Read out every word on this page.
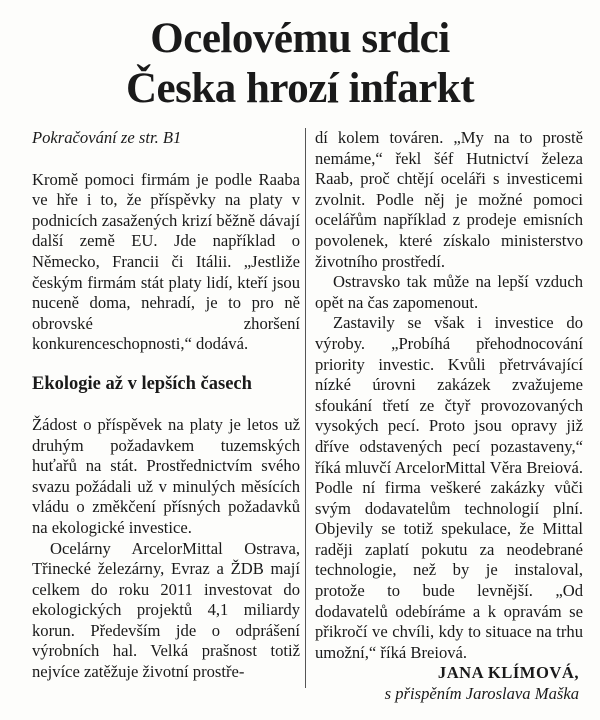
Ocelovému srdci
Česka hrozí infarkt

Pokračování ze str. B1

Kromě pomoci firmám je podle Raaba ve hře i to, že příspěvky na platy v podnicích zasažených krizí běžně dávají další země EU. Jde například o Německo, Francii či Itálii. „Jestliže českým firmám stát platy lidí, kteří jsou nuceně doma, nehradí, je to pro ně obrovské zhoršení konkurenceschopnosti,“ dodává.

Ekologie až v lepších časech

Žádost o příspěvek na platy je letos už druhým požadavkem tuzemských huťařů na stát. Prostřednictvím svého svazu požádali už v minulých měsících vládu o změkčení přísných požadavků na ekologické investice.

Ocelárny ArcelorMittal Ostrava, Třinecké železárny, Evraz a ŽDB mají celkem do roku 2011 investovat do ekologických projektů 4,1 miliardy korun. Především jde o odprášení výrobních hal. Velká prašnost totiž nejvíce zatěžuje životní prostře-

dí kolem továren. „My na to prostě nemáme,“ řekl šéf Hutnictví železa Raab, proč chtějí oceláři s investicemi zvolnit. Podle něj je možné pomoci ocelářům například z prodeje emisních povolenek, které získalo ministerstvo životního prostředí.

Ostravsko tak může na lepší vzduch opět na čas zapomenout.

Zastavily se však i investice do výroby. „Probíhá přehodnocování priority investic. Kvůli přetrvávající nízké úrovni zakázek zvažujeme sfoukání třetí ze čtyř provozovaných vysokých pecí. Proto jsou opravy již dříve odstavených pecí pozastaveny,“ říká mluvčí ArcelorMittal Věra Breiová. Podle ní firma veškeré zakázky vůči svým dodavatelům technologií plní. Objevily se totiž spekulace, že Mittal raději zaplatí pokutu za neodebrané technologie, než by je instaloval, protože to bude levnější. „Od dodavatelů odebíráme a k opravám se přikročí ve chvíli, kdy to situace na trhu umožní,“ říká Breiová.

JANA KLÍMOVÁ,

s přispěním Jaroslava Maška
